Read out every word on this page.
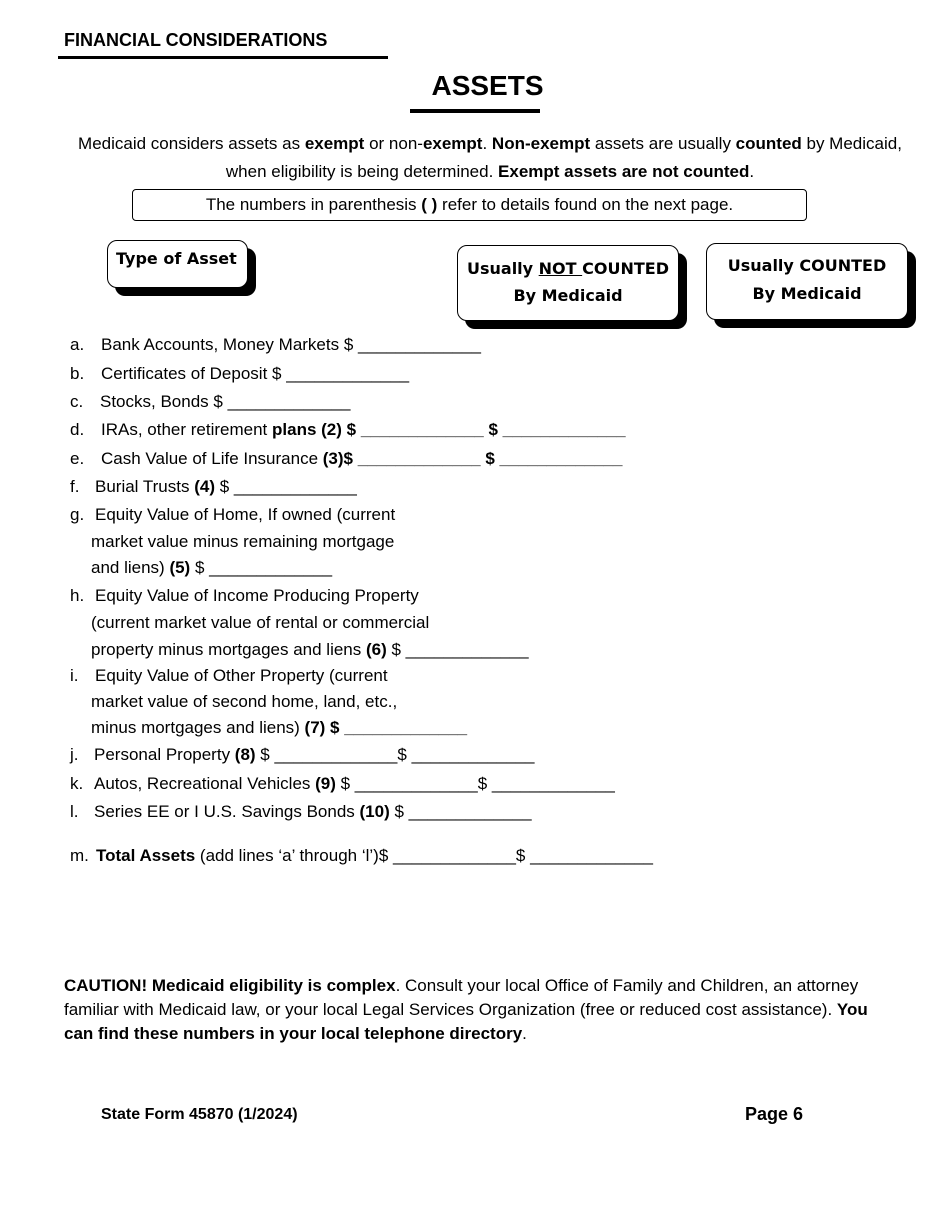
FINANCIAL CONSIDERATIONS
ASSETS
Medicaid considers assets as exempt or non-exempt. Non-exempt assets are usually counted by Medicaid, when eligibility is being determined. Exempt assets are not counted.
The numbers in parenthesis ( ) refer to details found on the next page.
Type of Asset
Usually NOT COUNTED
By Medicaid
Usually COUNTED
By Medicaid
a. Bank Accounts, Money Markets $ _____________
b. Certificates of Deposit $ _____________
c. Stocks, Bonds $ _____________
d. IRAs, other retirement plans (2) $ _____________ $ _____________
e. Cash Value of Life Insurance (3)$ _____________ $ _____________
f. Burial Trusts (4) $ _____________
g. Equity Value of Home, If owned (current
market value minus remaining mortgage
and liens) (5) $ _____________
h. Equity Value of Income Producing Property
(current market value of rental or commercial
property minus mortgages and liens (6) $ _____________
i. Equity Value of Other Property (current
market value of second home, land, etc.,
minus mortgages and liens) (7) $ _____________
j. Personal Property (8) $ _____________$ _____________
k. Autos, Recreational Vehicles (9) $ _____________$ _____________
l. Series EE or I U.S. Savings Bonds (10) $ _____________
m. Total Assets (add lines ‘a’ through ‘l’)$ _____________$ _____________
CAUTION! Medicaid eligibility is complex. Consult your local Office of Family and Children, an attorney familiar with Medicaid law, or your local Legal Services Organization (free or reduced cost assistance). You can find these numbers in your local telephone directory.
State Form 45870 (1/2024)	Page 6
